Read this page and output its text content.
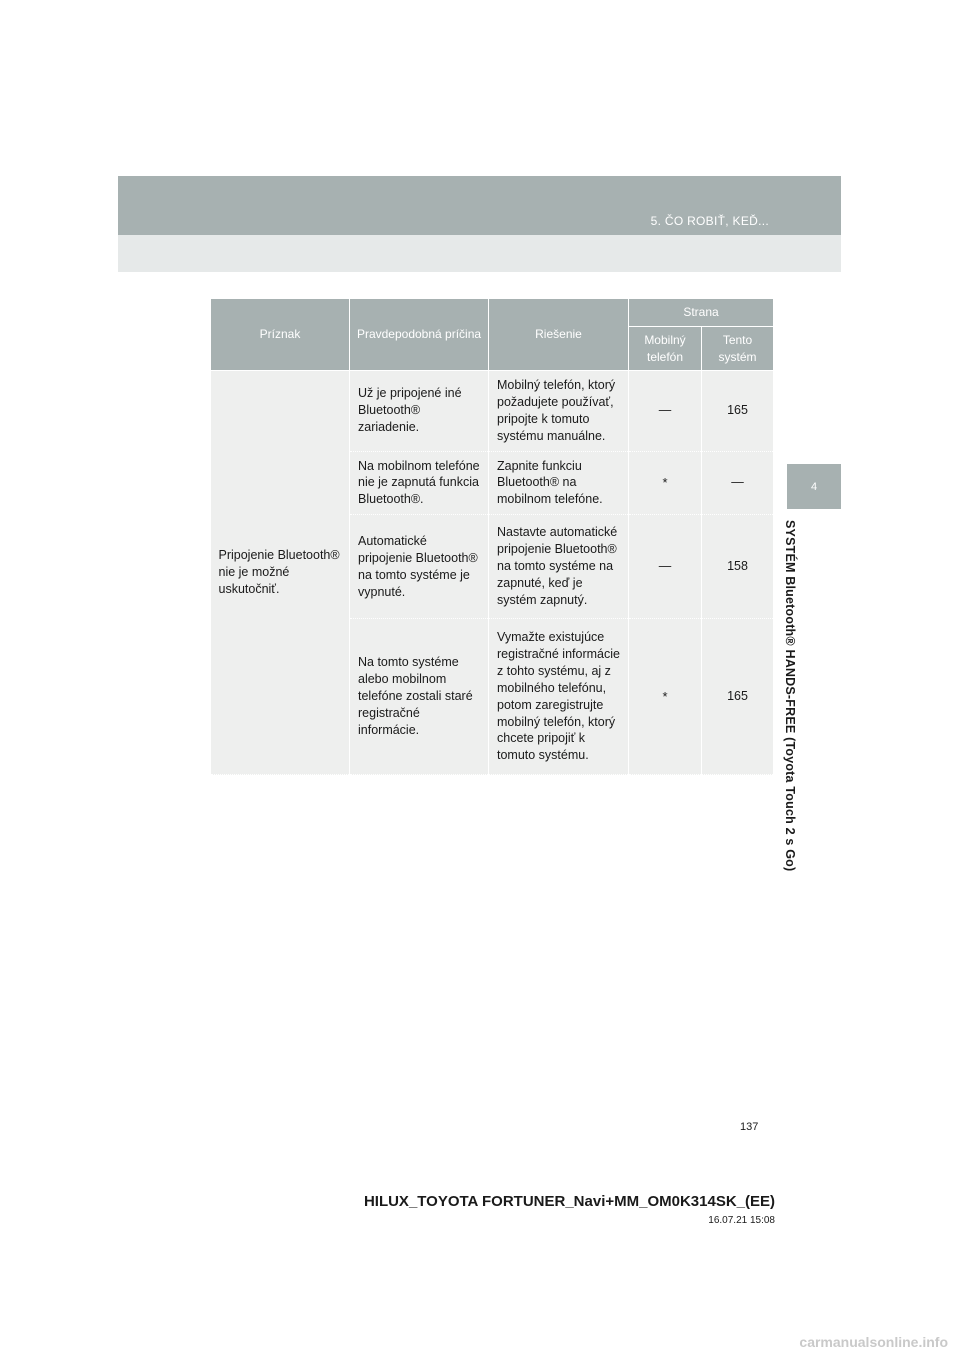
5. ČO ROBIŤ, KEĎ...
4
SYSTÉM Bluetooth® HANDS-FREE (Toyota Touch 2 s Go)
Príznak	Pravdepodobná príčina	Riešenie	Strana	
			Mobilný telefón	Tento systém
Pripojenie Bluetooth® nie je možné uskutočniť.	Už je pripojené iné Bluetooth® zariadenie.	Mobilný telefón, ktorý požadujete používať, pripojte k tomuto systému manuálne.	—	165
	Na mobilnom telefóne nie je zapnutá funkcia Bluetooth®.	Zapnite funkciu Bluetooth® na mobilnom telefóne.	*	—
	Automatické pripojenie Bluetooth® na tomto systéme je vypnuté.	Nastavte automatické pripojenie Bluetooth® na tomto systéme na zapnuté, keď je systém zapnutý.	—	158
	Na tomto systéme alebo mobilnom telefóne zostali staré registračné informácie.	Vymažte existujúce registračné informácie z tohto systému, aj z mobilného telefónu, potom zaregistrujte mobilný telefón, ktorý chcete pripojiť k tomuto systému.	*	165
137
HILUX_TOYOTA FORTUNER_Navi+MM_OM0K314SK_(EE)
16.07.21 15:08
carmanualsonline.info
